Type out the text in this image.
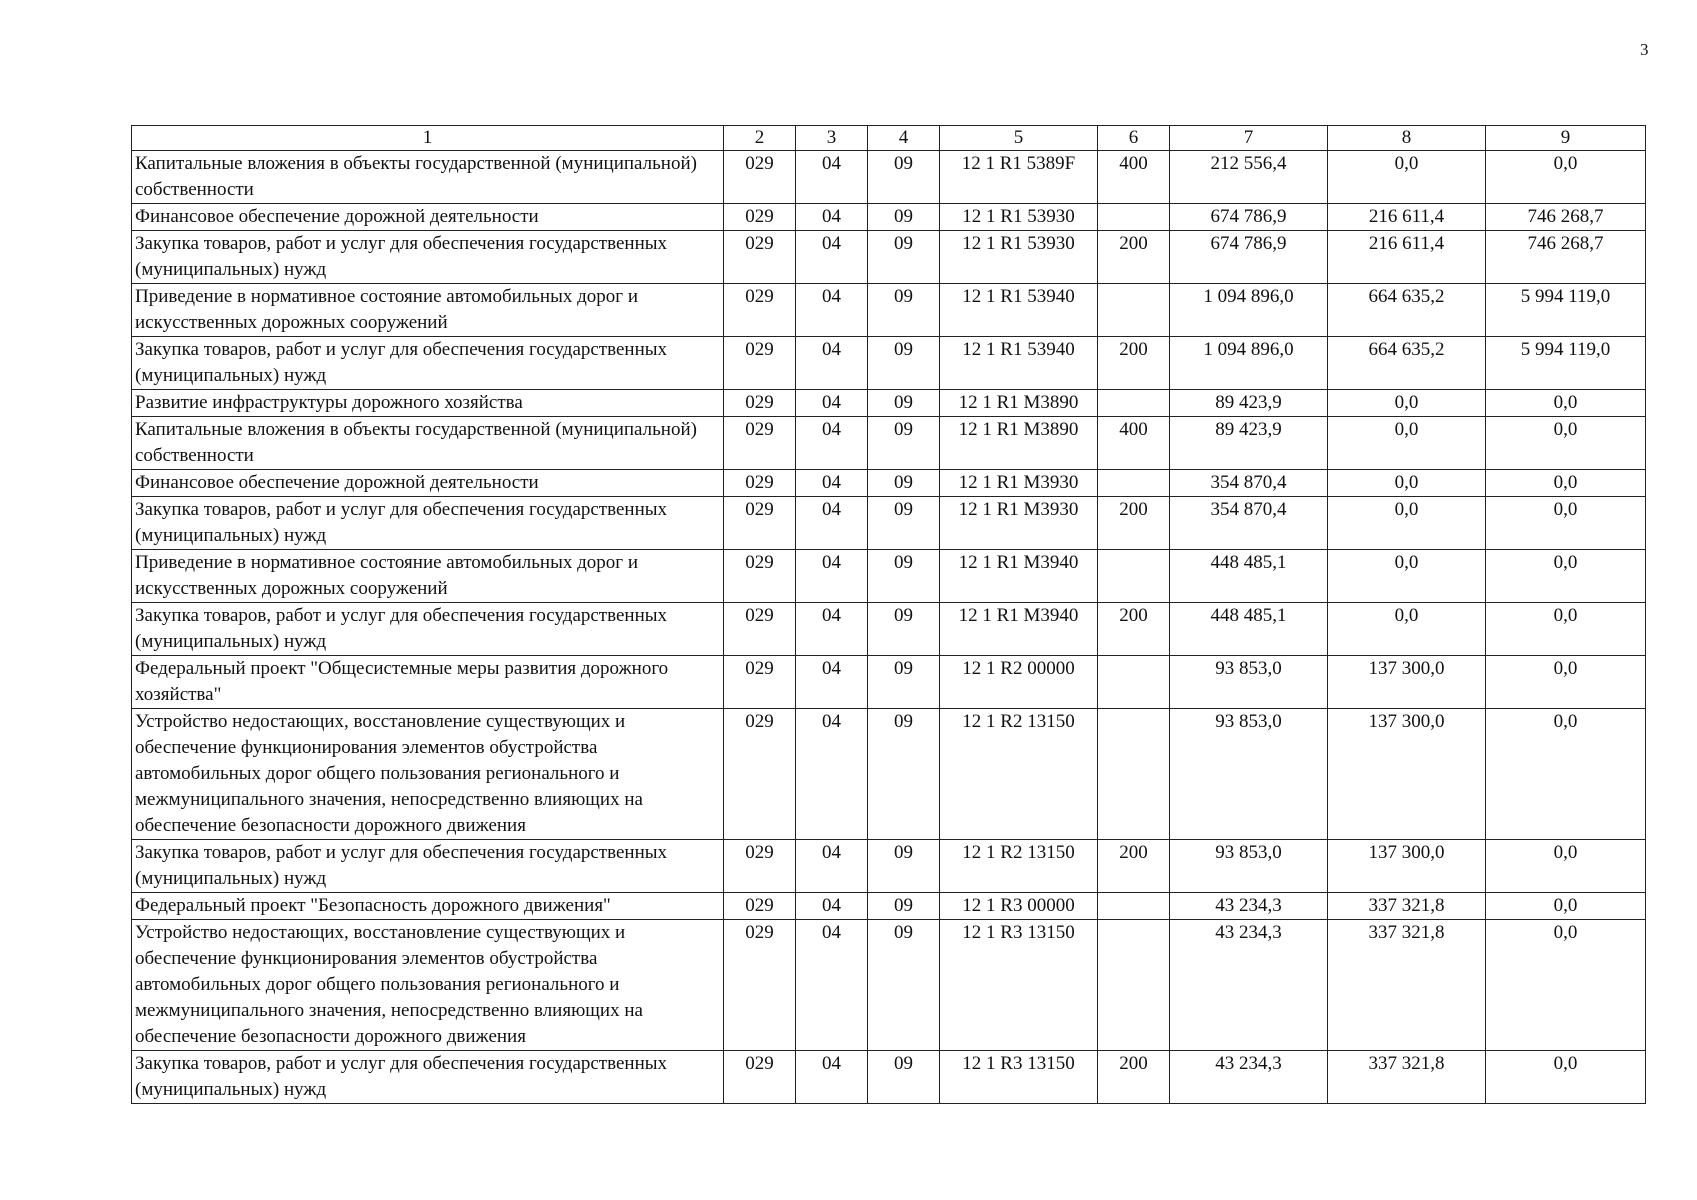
3
1	2	3	4	5	6	7	8	9
Капитальные вложения в объекты государственной (муниципальной) собственности	029	04	09	12 1 R1 5389F	400	212 556,4	0,0	0,0
Финансовое обеспечение дорожной деятельности	029	04	09	12 1 R1 53930		674 786,9	216 611,4	746 268,7
Закупка товаров, работ и услуг для обеспечения государственных (муниципальных) нужд	029	04	09	12 1 R1 53930	200	674 786,9	216 611,4	746 268,7
Приведение в нормативное состояние автомобильных дорог и искусственных дорожных сооружений	029	04	09	12 1 R1 53940		1 094 896,0	664 635,2	5 994 119,0
Закупка товаров, работ и услуг для обеспечения государственных (муниципальных) нужд	029	04	09	12 1 R1 53940	200	1 094 896,0	664 635,2	5 994 119,0
Развитие инфраструктуры дорожного хозяйства	029	04	09	12 1 R1 M3890		89 423,9	0,0	0,0
Капитальные вложения в объекты государственной (муниципальной) собственности	029	04	09	12 1 R1 M3890	400	89 423,9	0,0	0,0
Финансовое обеспечение дорожной деятельности	029	04	09	12 1 R1 M3930		354 870,4	0,0	0,0
Закупка товаров, работ и услуг для обеспечения государственных (муниципальных) нужд	029	04	09	12 1 R1 M3930	200	354 870,4	0,0	0,0
Приведение в нормативное состояние автомобильных дорог и искусственных дорожных сооружений	029	04	09	12 1 R1 M3940		448 485,1	0,0	0,0
Закупка товаров, работ и услуг для обеспечения государственных (муниципальных) нужд	029	04	09	12 1 R1 M3940	200	448 485,1	0,0	0,0
Федеральный проект "Общесистемные меры развития дорожного хозяйства"	029	04	09	12 1 R2 00000		93 853,0	137 300,0	0,0
Устройство недостающих, восстановление существующих и обеспечение функционирования элементов обустройства автомобильных дорог общего пользования регионального и межмуниципального значения, непосредственно влияющих на обеспечение безопасности дорожного движения	029	04	09	12 1 R2 13150		93 853,0	137 300,0	0,0
Закупка товаров, работ и услуг для обеспечения государственных (муниципальных) нужд	029	04	09	12 1 R2 13150	200	93 853,0	137 300,0	0,0
Федеральный проект "Безопасность дорожного движения"	029	04	09	12 1 R3 00000		43 234,3	337 321,8	0,0
Устройство недостающих, восстановление существующих и обеспечение функционирования элементов обустройства автомобильных дорог общего пользования регионального и межмуниципального значения, непосредственно влияющих на обеспечение безопасности дорожного движения	029	04	09	12 1 R3 13150		43 234,3	337 321,8	0,0
Закупка товаров, работ и услуг для обеспечения государственных (муниципальных) нужд	029	04	09	12 1 R3 13150	200	43 234,3	337 321,8	0,0
